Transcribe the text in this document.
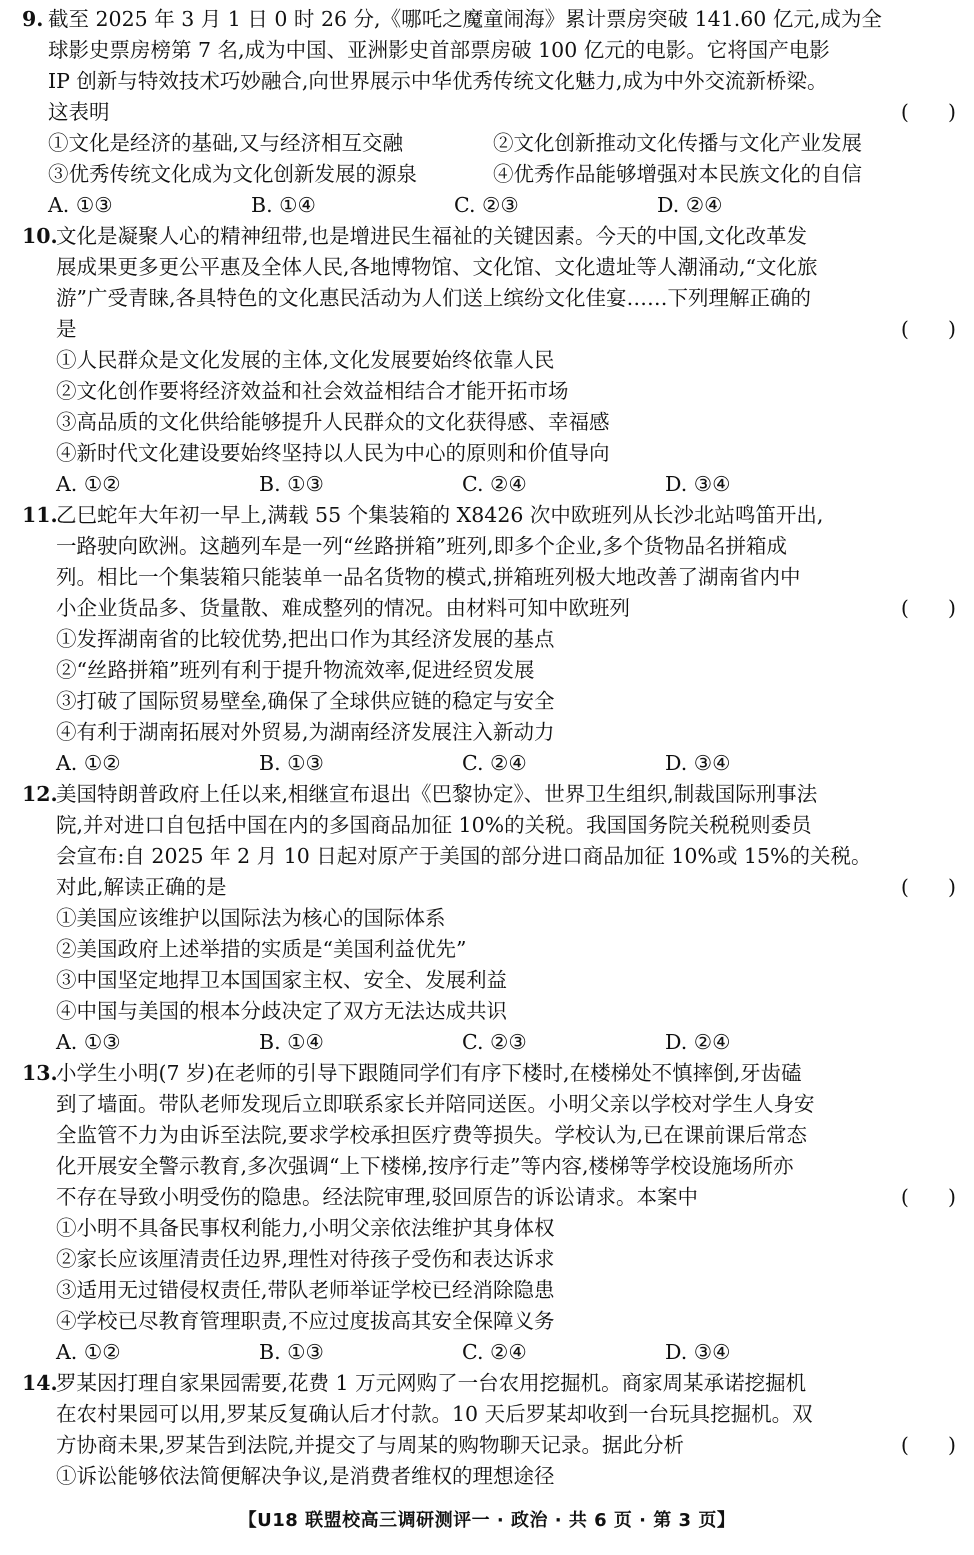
9. 截至 2025 年 3 月 1 日 0 时 26 分,《哪吒之魔童闹海》累计票房突破 141.60 亿元,成为全
球影史票房榜第 7 名,成为中国、亚洲影史首部票房破 100 亿元的电影。它将国产电影
IP 创新与特效技术巧妙融合,向世界展示中华优秀传统文化魅力,成为中外交流新桥梁。
(      )
这表明
①文化是经济的基础,又与经济相互交融	②文化创新推动文化传播与文化产业发展
③优秀传统文化成为文化创新发展的源泉	④优秀作品能够增强对本民族文化的自信
A. ①③	B. ①④	C. ②③	D. ②④
10.
文化是凝聚人心的精神纽带,也是增进民生福祉的关键因素。今天的中国,文化改革发
展成果更多更公平惠及全体人民,各地博物馆、文化馆、文化遗址等人潮涌动,“文化旅
游”广受青睐,各具特色的文化惠民活动为人们送上缤纷文化佳宴……下列理解正确的
(      )
是
①人民群众是文化发展的主体,文化发展要始终依靠人民
②文化创作要将经济效益和社会效益相结合才能开拓市场
③高品质的文化供给能够提升人民群众的文化获得感、幸福感
④新时代文化建设要始终坚持以人民为中心的原则和价值导向
A. ①②	B. ①③	C. ②④	D. ③④
11.
乙巳蛇年大年初一早上,满载 55 个集装箱的 X8426 次中欧班列从长沙北站鸣笛开出,
一路驶向欧洲。这趟列车是一列“丝路拼箱”班列,即多个企业,多个货物品名拼箱成
列。相比一个集装箱只能装单一品名货物的模式,拼箱班列极大地改善了湖南省内中
(      )
小企业货品多、货量散、难成整列的情况。由材料可知中欧班列
①发挥湖南省的比较优势,把出口作为其经济发展的基点
②“丝路拼箱”班列有利于提升物流效率,促进经贸发展
③打破了国际贸易壁垒,确保了全球供应链的稳定与安全
④有利于湖南拓展对外贸易,为湖南经济发展注入新动力
A. ①②	B. ①③	C. ②④	D. ③④
12.
美国特朗普政府上任以来,相继宣布退出《巴黎协定》、世界卫生组织,制裁国际刑事法
院,并对进口自包括中国在内的多国商品加征 10%的关税。我国国务院关税税则委员
会宣布:自 2025 年 2 月 10 日起对原产于美国的部分进口商品加征 10%或 15%的关税。
(      )
对此,解读正确的是
①美国应该维护以国际法为核心的国际体系
②美国政府上述举措的实质是“美国利益优先”
③中国坚定地捍卫本国国家主权、安全、发展利益
④中国与美国的根本分歧决定了双方无法达成共识
A. ①③	B. ①④	C. ②③	D. ②④
13.
小学生小明(7 岁)在老师的引导下跟随同学们有序下楼时,在楼梯处不慎摔倒,牙齿磕
到了墙面。带队老师发现后立即联系家长并陪同送医。小明父亲以学校对学生人身安
全监管不力为由诉至法院,要求学校承担医疗费等损失。学校认为,已在课前课后常态
化开展安全警示教育,多次强调“上下楼梯,按序行走”等内容,楼梯等学校设施场所亦
(      )
不存在导致小明受伤的隐患。经法院审理,驳回原告的诉讼请求。本案中
①小明不具备民事权利能力,小明父亲依法维护其身体权
②家长应该厘清责任边界,理性对待孩子受伤和表达诉求
③适用无过错侵权责任,带队老师举证学校已经消除隐患
④学校已尽教育管理职责,不应过度拔高其安全保障义务
A. ①②	B. ①③	C. ②④	D. ③④
14.
罗某因打理自家果园需要,花费 1 万元网购了一台农用挖掘机。商家周某承诺挖掘机
在农村果园可以用,罗某反复确认后才付款。10 天后罗某却收到一台玩具挖掘机。双
(      )
方协商未果,罗某告到法院,并提交了与周某的购物聊天记录。据此分析
①诉讼能够依法简便解决争议,是消费者维权的理想途径
【U18 联盟校高三调研测评一 · 政治 · 共 6 页 · 第 3 页】
